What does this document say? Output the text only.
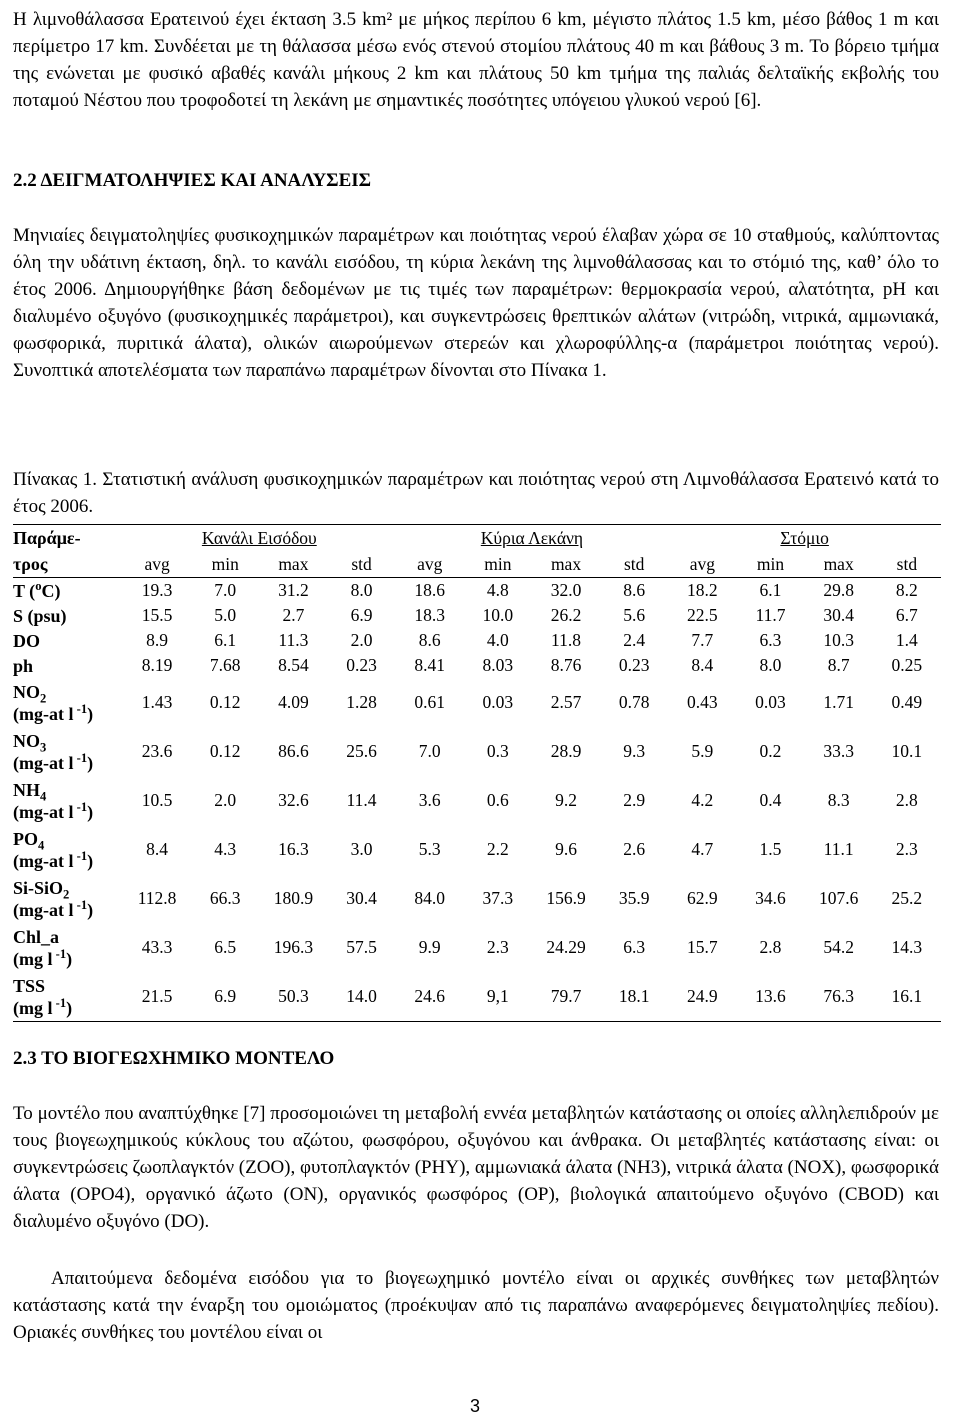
Η λιμνοθάλασσα Ερατεινού έχει έκταση 3.5 km² με μήκος περίπου 6 km, μέγιστο πλάτος 1.5 km, μέσο βάθος 1 m και περίμετρο 17 km. Συνδέεται με τη θάλασσα μέσω ενός στενού στομίου πλάτους 40 m και βάθους 3 m. Το βόρειο τμήμα της ενώνεται με φυσικό αβαθές κανάλι μήκους 2 km και πλάτους 50 km τμήμα της παλιάς δελταϊκής εκβολής του ποταμού Νέστου που τροφοδοτεί τη λεκάνη με σημαντικές ποσότητες υπόγειου γλυκού νερού [6].

2.2 ΔΕΙΓΜΑΤΟΛΗΨΙΕΣ ΚΑΙ ΑΝΑΛΥΣΕΙΣ

Μηνιαίες δειγματοληψίες φυσικοχημικών παραμέτρων και ποιότητας νερού έλαβαν χώρα σε 10 σταθμούς, καλύπτοντας όλη την υδάτινη έκταση, δηλ. το κανάλι εισόδου, τη κύρια λεκάνη της λιμνοθάλασσας και το στόμιό της, καθ’ όλο το έτος 2006. Δημιουργήθηκε βάση δεδομένων με τις τιμές των παραμέτρων: θερμοκρασία νερού, αλατότητα, pH και διαλυμένο οξυγόνο (φυσικοχημικές παράμετροι), και συγκεντρώσεις θρεπτικών αλάτων (νιτρώδη, νιτρικά, αμμωνιακά, φωσφορικά, πυριτικά άλατα), ολικών αιωρούμενων στερεών και χλωροφύλλης-α (παράμετροι ποιότητας νερού). Συνοπτικά αποτελέσματα των παραπάνω παραμέτρων δίνονται στο Πίνακα 1.

Πίνακας 1. Στατιστική ανάλυση φυσικοχημικών παραμέτρων και ποιότητας νερού στη Λιμνοθάλασσα Ερατεινό κατά το έτος 2006.

Παράμε-	Κανάλι Εισόδου				Κύρια Λεκάνη				Στόμιο			
τρος	avg	min	max	std	avg	min	max	std	avg	min	max	std
T ($^o$C)	19.3	7.0	31.2	8.0	18.6	4.8	32.0	8.6	18.2	6.1	29.8	8.2
S (psu)	15.5	5.0	2.7	6.9	18.3	10.0	26.2	5.6	22.5	11.7	30.4	6.7
DO	8.9	6.1	11.3	2.0	8.6	4.0	11.8	2.4	7.7	6.3	10.3	1.4
ph	8.19	7.68	8.54	0.23	8.41	8.03	8.76	0.23	8.4	8.0	8.7	0.25
$NO_2$
(mg-at l $^{-1}$)	1.43	0.12	4.09	1.28	0.61	0.03	2.57	0.78	0.43	0.03	1.71	0.49
$NO_3$
(mg-at l $^{-1}$)	23.6	0.12	86.6	25.6	7.0	0.3	28.9	9.3	5.9	0.2	33.3	10.1
$NH_4$
(mg-at l $^{-1}$)	10.5	2.0	32.6	11.4	3.6	0.6	9.2	2.9	4.2	0.4	8.3	2.8
$PO_4$
(mg-at l $^{-1}$)	8.4	4.3	16.3	3.0	5.3	2.2	9.6	2.6	4.7	1.5	11.1	2.3
Si-SiO$_2$
(mg-at l $^{-1}$)	112.8	66.3	180.9	30.4	84.0	37.3	156.9	35.9	62.9	34.6	107.6	25.2
Chl_a
(mg l $^{-1}$)	43.3	6.5	196.3	57.5	9.9	2.3	24.29	6.3	15.7	2.8	54.2	14.3
TSS
(mg l $^{-1}$)	21.5	6.9	50.3	14.0	24.6	9,1	79.7	18.1	24.9	13.6	76.3	16.1
2.3 ΤΟ ΒΙΟΓΕΩΧΗΜΙΚΟ ΜΟΝΤΕΛΟ

Το μοντέλο που αναπτύχθηκε [7] προσομοιώνει τη μεταβολή εννέα μεταβλητών κατάστασης οι οποίες αλληλεπιδρούν με τους βιογεωχημικούς κύκλους του αζώτου, φωσφόρου, οξυγόνου και άνθρακα. Οι μεταβλητές κατάστασης είναι: οι συγκεντρώσεις ζωοπλαγκτόν (ZOO), φυτοπλαγκτόν (PHY), αμμωνιακά άλατα (NH3), νιτρικά άλατα (NOX), φωσφορικά άλατα (OPO4), οργανικό άζωτο (ON), οργανικός φωσφόρος (OP), βιολογικά απαιτούμενο οξυγόνο (CBOD) και διαλυμένο οξυγόνο (DO).

Απαιτούμενα δεδομένα εισόδου για το βιογεωχημικό μοντέλο είναι οι αρχικές συνθήκες των μεταβλητών κατάστασης κατά την έναρξη του ομοιώματος (προέκυψαν από τις παραπάνω αναφερόμενες δειγματοληψίες πεδίου). Οριακές συνθήκες του μοντέλου είναι οι

3
